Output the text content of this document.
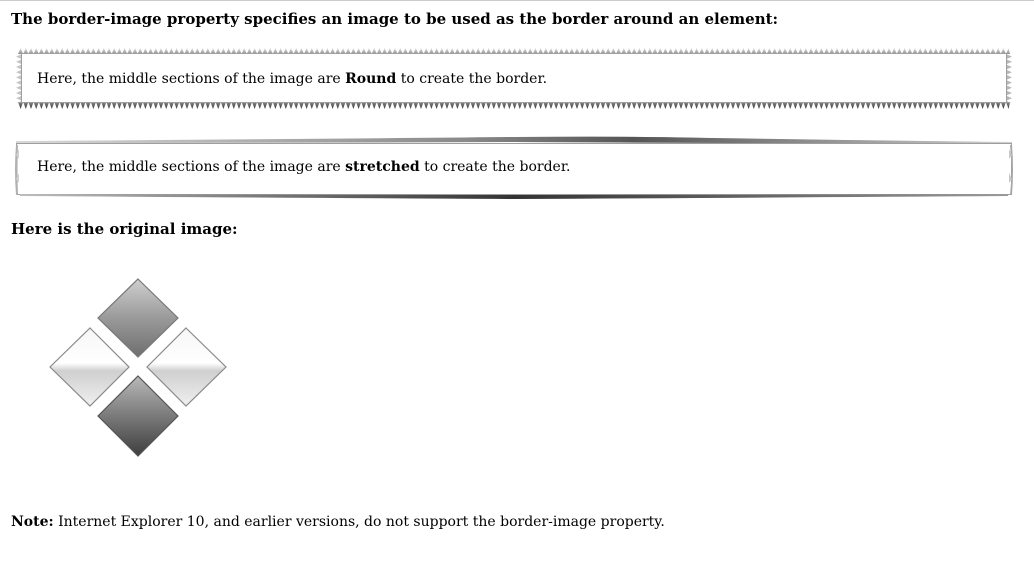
The border-image property specifies an image to be used as the border around an element:
Here, the middle sections of the image are Round to create the border.
Here, the middle sections of the image are stretched to create the border.
Here is the original image:
Note: Internet Explorer 10, and earlier versions, do not support the border-image property.
